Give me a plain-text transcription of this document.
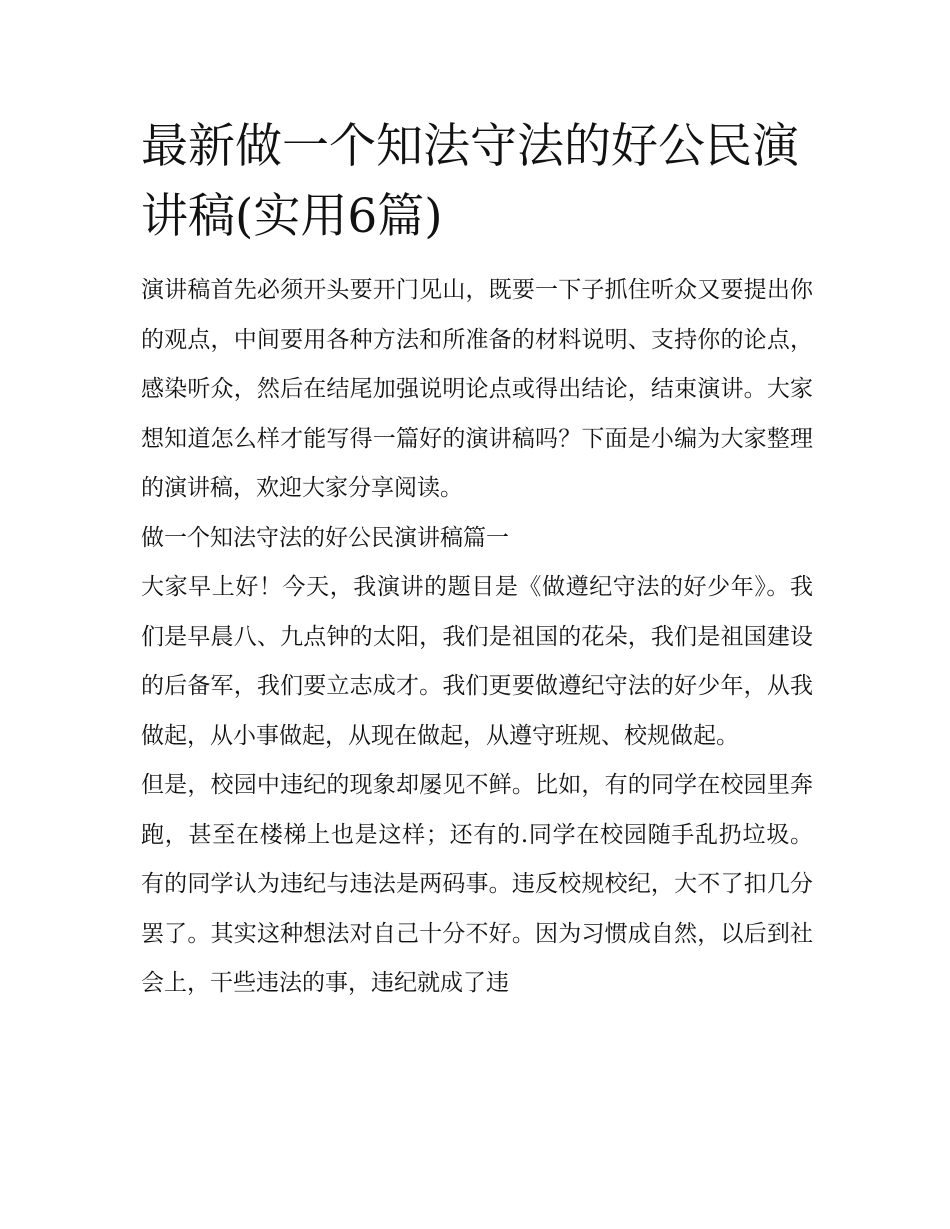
最新做一个知法守法的好公民演讲稿(实用6篇)

演讲稿首先必须开头要开门见山，既要一下子抓住听众又要提出你的观点，中间要用各种方法和所准备的材料说明、支持你的论点，感染听众，然后在结尾加强说明论点或得出结论，结束演讲。大家想知道怎么样才能写得一篇好的演讲稿吗？下面是小编为大家整理的演讲稿，欢迎大家分享阅读。

做一个知法守法的好公民演讲稿篇一

大家早上好！今天，我演讲的题目是《做遵纪守法的好少年》。我们是早晨八、九点钟的太阳，我们是祖国的花朵，我们是祖国建设的后备军，我们要立志成才。我们更要做遵纪守法的好少年，从我做起，从小事做起，从现在做起，从遵守班规、校规做起。

但是，校园中违纪的现象却屡见不鲜。比如，有的同学在校园里奔跑，甚至在楼梯上也是这样；还有的.同学在校园随手乱扔垃圾。有的同学认为违纪与违法是两码事。违反校规校纪，大不了扣几分罢了。其实这种想法对自己十分不好。因为习惯成自然，以后到社会上，干些违法的事，违纪就成了违
